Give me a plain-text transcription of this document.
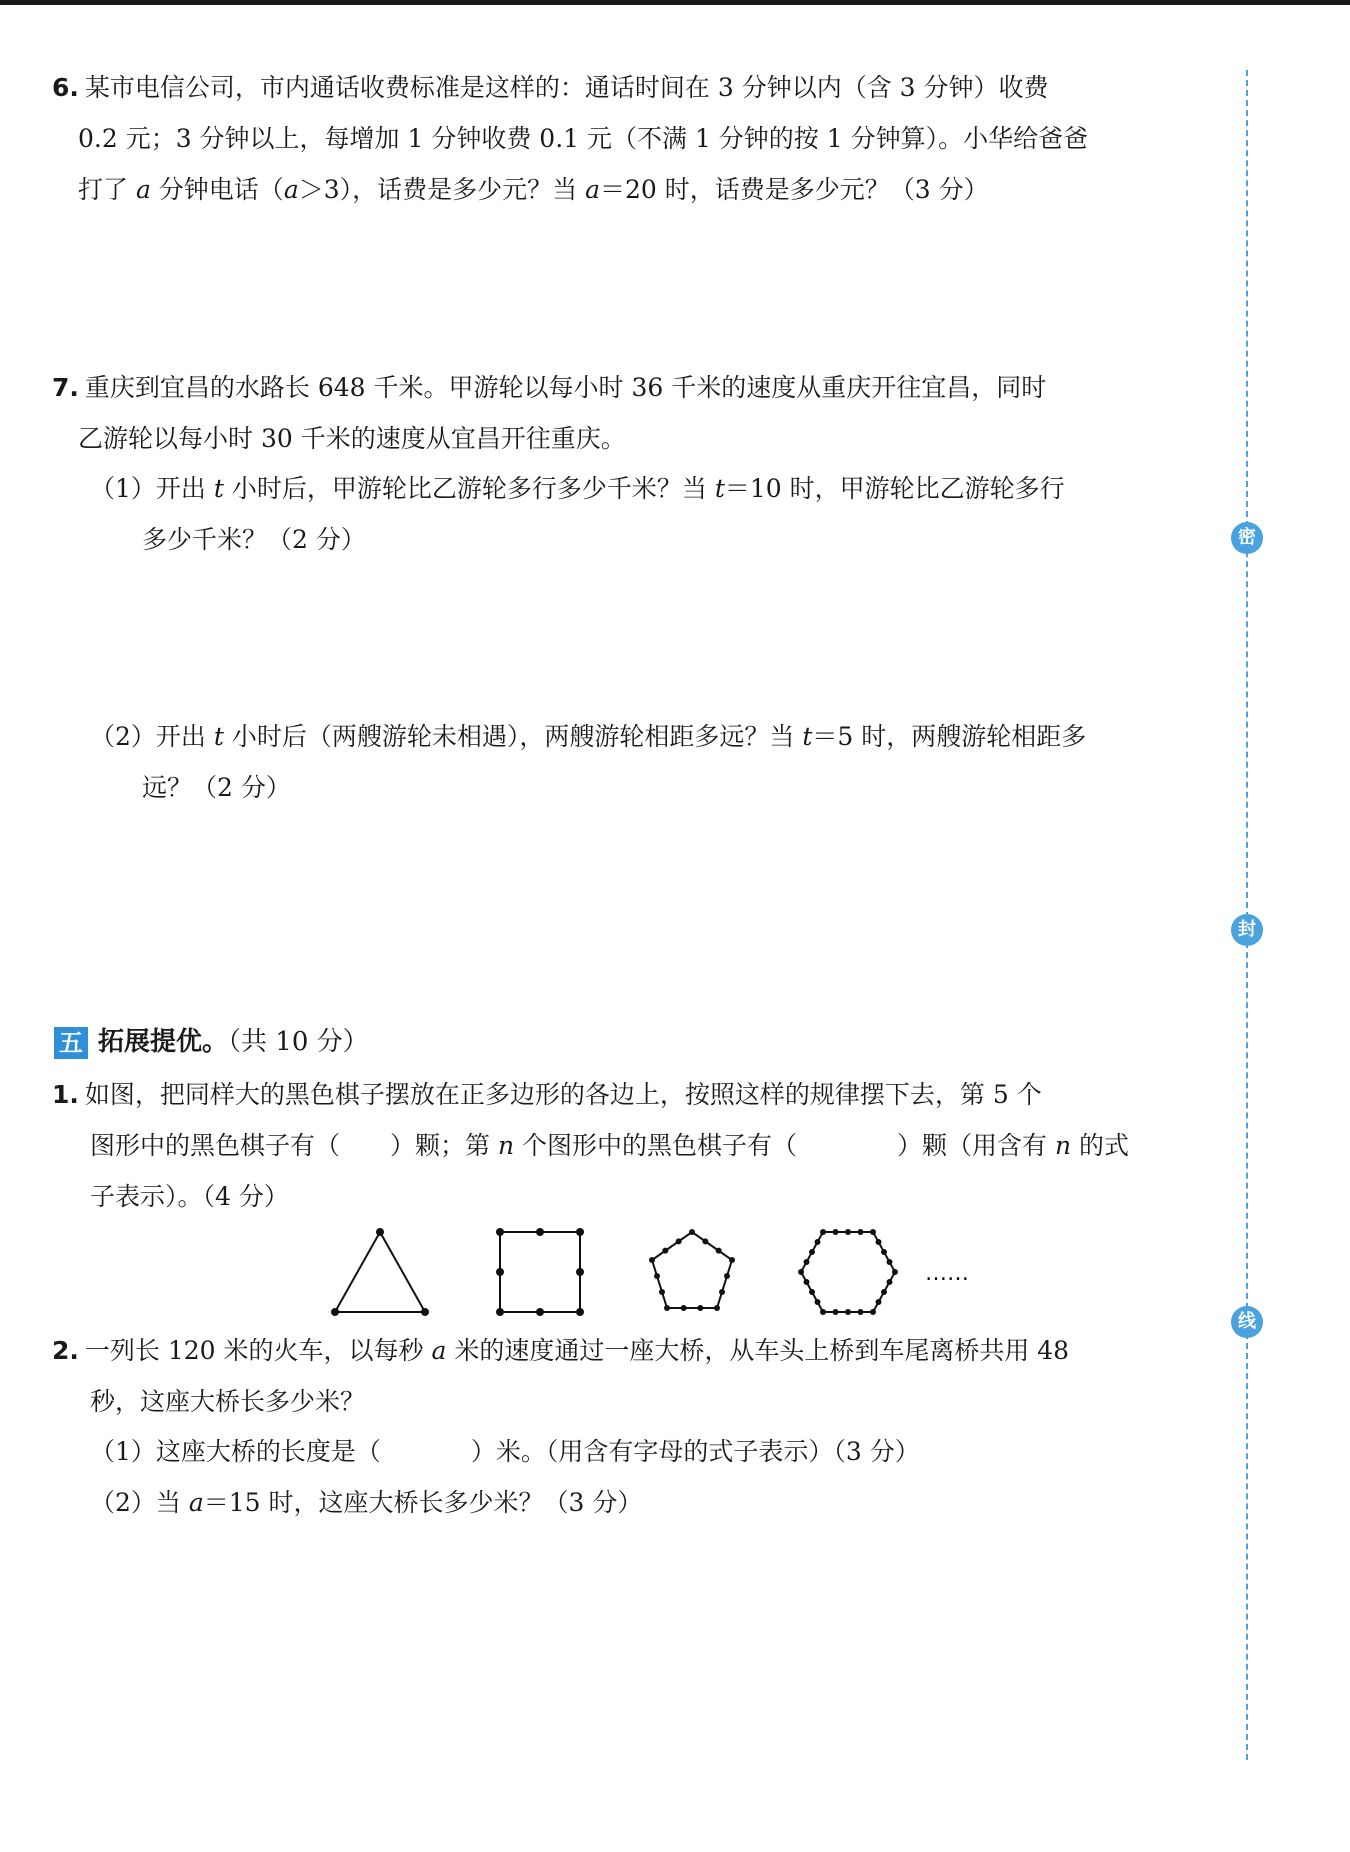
6. 某市电信公司，市内通话收费标准是这样的：通话时间在 3 分钟以内（含 3 分钟）收费
0.2 元；3 分钟以上，每增加 1 分钟收费 0.1 元（不满 1 分钟的按 1 分钟算）。小华给爸爸
打了 a 分钟电话（a＞3），话费是多少元？当 a＝20 时，话费是多少元？（3 分）
7. 重庆到宜昌的水路长 648 千米。甲游轮以每小时 36 千米的速度从重庆开往宜昌，同时
乙游轮以每小时 30 千米的速度从宜昌开往重庆。
（1）开出 t 小时后，甲游轮比乙游轮多行多少千米？当 t＝10 时，甲游轮比乙游轮多行
多少千米？（2 分）
（2）开出 t 小时后（两艘游轮未相遇），两艘游轮相距多远？当 t＝5 时，两艘游轮相距多
远？（2 分）
五 拓展提优。（共 10 分）
1. 如图，把同样大的黑色棋子摆放在正多边形的各边上，按照这样的规律摆下去，第 5 个
图形中的黑色棋子有（ ）颗；第 n 个图形中的黑色棋子有（	）颗（用含有 n 的式
子表示）。（4 分）
……
2. 一列长 120 米的火车，以每秒 a 米的速度通过一座大桥，从车头上桥到车尾离桥共用 48
秒，这座大桥长多少米？
（1）这座大桥的长度是（	）米。（用含有字母的式子表示）（3 分）
（2）当 a＝15 时，这座大桥长多少米？（3 分）
密
封
线
